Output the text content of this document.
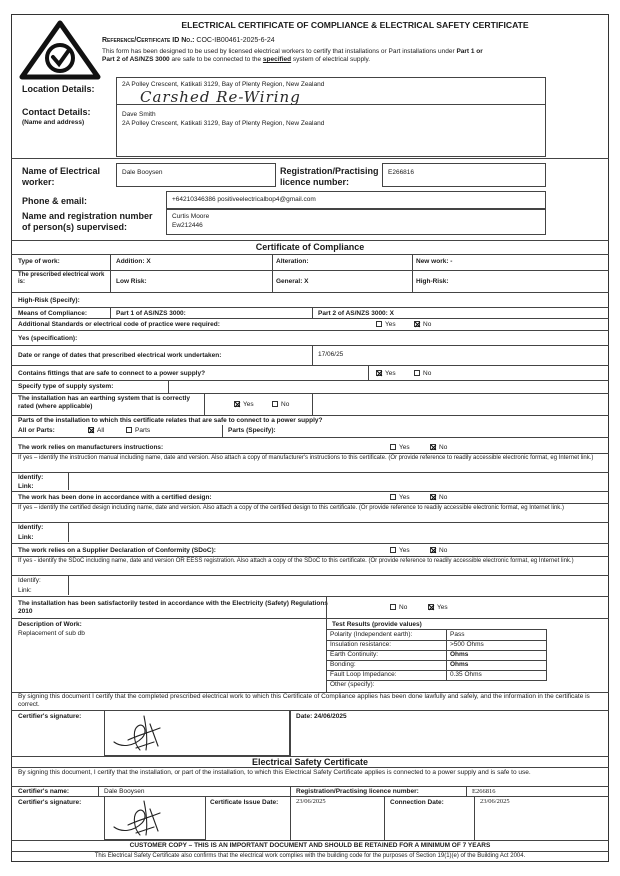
ELECTRICAL CERTIFICATE OF COMPLIANCE & ELECTRICAL SAFETY CERTIFICATE
Reference/Certificate ID No.: COC-IB00461-2025-6-24
This form has been designed to be used by licensed electrical workers to certify that installations or Part installations under Part 1 or
Part 2 of AS/NZS 3000 are safe to be connected to the specified system of electrical supply.
Location Details:	2A Polley Crescent, Katikati 3129, Bay of Plenty Region, New Zealand
Carshed Re-Wiring
Contact Details:
(Name and address)
Dave Smith
2A Polley Crescent, Katikati 3129, Bay of Plenty Region, New Zealand
Name of Electrical worker:
Dale Booysen	Registration/Practising licence number:
E266816
Phone & email:	+64210346386 positiveelectricalbop4@gmail.com
Name and registration number of person(s) supervised:
Curtis Moore
Ew212446
Certificate of Compliance
Type of work:	Addition: X	Alteration:	New work: -
The prescribed electrical work is:	Low Risk:	General: X	High-Risk:
High-Risk (Specify):
Means of Compliance:	Part 1 of AS/NZS 3000:	Part 2 of AS/NZS 3000: X
Additional Standards or electrical code of practice were required:	Yes	No
Yes (specification):
Date or range of dates that prescribed electrical work undertaken:	17/06/25
Contains fittings that are safe to connect to a power supply?	Yes	No
Specify type of supply system:
The installation has an earthing system that is correctly rated (where applicable)	Yes	No
Parts of the installation to which this certificate relates that are safe to connect to a power supply?
All or Parts:	All	Parts	Parts (Specify):
The work relies on manufacturers instructions:	Yes	No
If yes – identify the instruction manual including name, date and version. Also attach a copy of manufacturer's instructions to this certificate. (Or provide reference to readily accessible electronic format, eg Internet link.)
Identify:
Link:
The work has been done in accordance with a certified design:	Yes	No
If yes – identify the certified design including name, date and version. Also attach a copy of the certified design to this certificate. (Or provide reference to readily accessible electronic format, eg Internet link.)
Identify:
Link:
The work relies on a Supplier Declaration of Conformity (SDoC):	Yes	No
If yes - identify the SDoC including name, date and version OR EESS registration. Also attach a copy of the SDoC to this certificate. (Or provide reference to readily accessible electronic format, eg Internet link.)
Identify:
Link:
The installation has been satisfactorily tested in accordance with the Electricity (Safety) Regulations 2010
No	Yes
Description of Work:
Replacement of sub db
Test Results (provide values)
Polarity (Independent earth):	Pass
Insulation resistance:	>500 Ohms
Earth Continuity:	Ohms
Bonding:	Ohms
Fault Loop Impedance:	0.35 Ohms
Other (specify):
By signing this document I certify that the completed prescribed electrical work to which this Certificate of Compliance applies has been done lawfully and safely, and the information in the certificate is correct.
Certifier's signature:	Date: 24/06/2025
Electrical Safety Certificate
By signing this document, I certify that the installation, or part of the installation, to which this Electrical Safety Certificate applies is connected to a power supply and is safe to use.
Certifier's name:	Dale Booysen	Registration/Practising licence number:	E266816
Certifier's signature:	Certificate Issue Date:	23/06/2025	Connection Date:	23/06/2025
CUSTOMER COPY – THIS IS AN IMPORTANT DOCUMENT AND SHOULD BE RETAINED FOR A MINIMUM OF 7 YEARS
This Electrical Safety Certificate also confirms that the electrical work complies with the building code for the purposes of Section 19(1)(e) of the Building Act 2004.
